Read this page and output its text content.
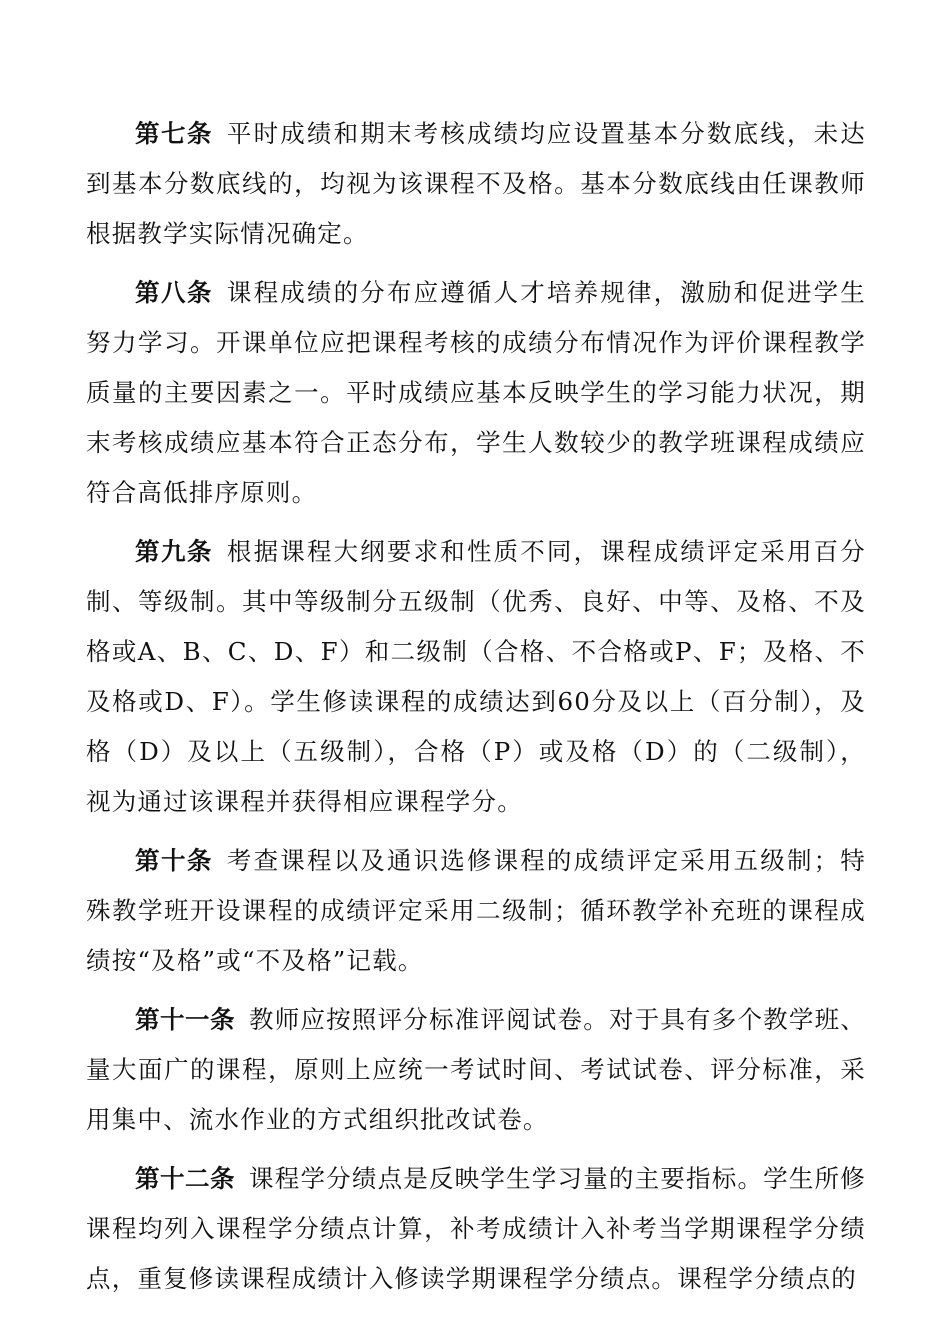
第七条 平时成绩和期末考核成绩均应设置基本分数底线，未达到基本分数底线的，均视为该课程不及格。基本分数底线由任课教师根据教学实际情况确定。

第八条 课程成绩的分布应遵循人才培养规律，激励和促进学生努力学习。开课单位应把课程考核的成绩分布情况作为评价课程教学质量的主要因素之一。平时成绩应基本反映学生的学习能力状况，期末考核成绩应基本符合正态分布，学生人数较少的教学班课程成绩应符合高低排序原则。

第九条 根据课程大纲要求和性质不同，课程成绩评定采用百分制、等级制。其中等级制分五级制（优秀、良好、中等、及格、不及格或A、B、C、D、F）和二级制（合格、不合格或P、F；及格、不及格或D、F）。学生修读课程的成绩达到60分及以上（百分制），及格（D）及以上（五级制），合格（P）或及格（D）的（二级制），视为通过该课程并获得相应课程学分。

第十条 考查课程以及通识选修课程的成绩评定采用五级制；特殊教学班开设课程的成绩评定采用二级制；循环教学补充班的课程成绩按“及格”或“不及格”记载。

第十一条 教师应按照评分标准评阅试卷。对于具有多个教学班、量大面广的课程，原则上应统一考试时间、考试试卷、评分标准，采用集中、流水作业的方式组织批改试卷。

第十二条 课程学分绩点是反映学生学习量的主要指标。学生所修课程均列入课程学分绩点计算，补考成绩计入补考当学期课程学分绩点，重复修读课程成绩计入修读学期课程学分绩点。课程学分绩点的
